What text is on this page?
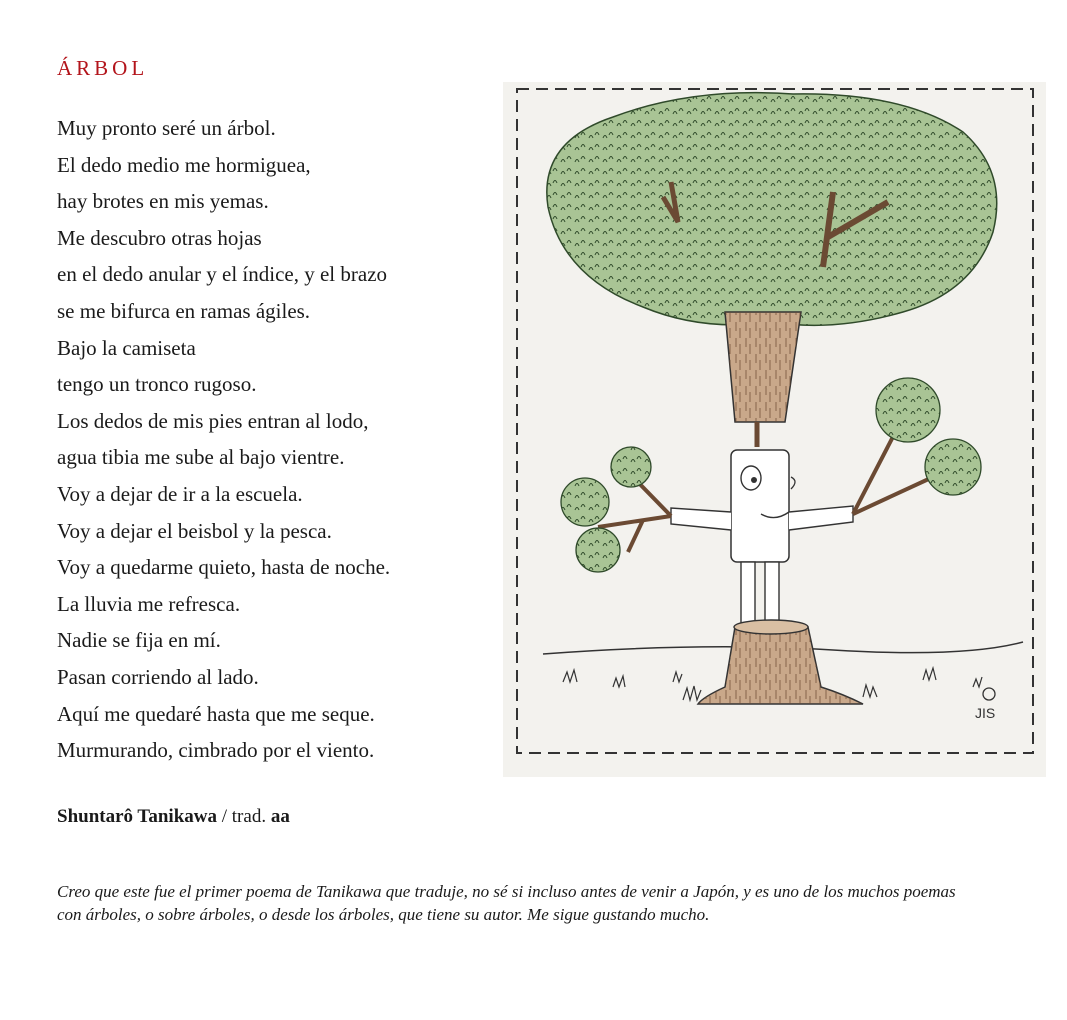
ÁRBOL
Muy pronto seré un árbol.
El dedo medio me hormiguea,
hay brotes en mis yemas.
Me descubro otras hojas
en el dedo anular y el índice, y el brazo
se me bifurca en ramas ágiles.
Bajo la camiseta
tengo un tronco rugoso.
Los dedos de mis pies entran al lodo,
agua tibia me sube al bajo vientre.
Voy a dejar de ir a la escuela.
Voy a dejar el beisbol y la pesca.
Voy a quedarme quieto, hasta de noche.
La lluvia me refresca.
Nadie se fija en mí.
Pasan corriendo al lado.
Aquí me quedaré hasta que me seque.
Murmurando, cimbrado por el viento.
Shuntarô Tanikawa / trad. aa
Creo que este fue el primer poema de Tanikawa que traduje, no sé si incluso antes de venir a Japón, y es uno de los muchos poemas
con árboles, o sobre árboles, o desde los árboles, que tiene su autor. Me sigue gustando mucho.
JIS
